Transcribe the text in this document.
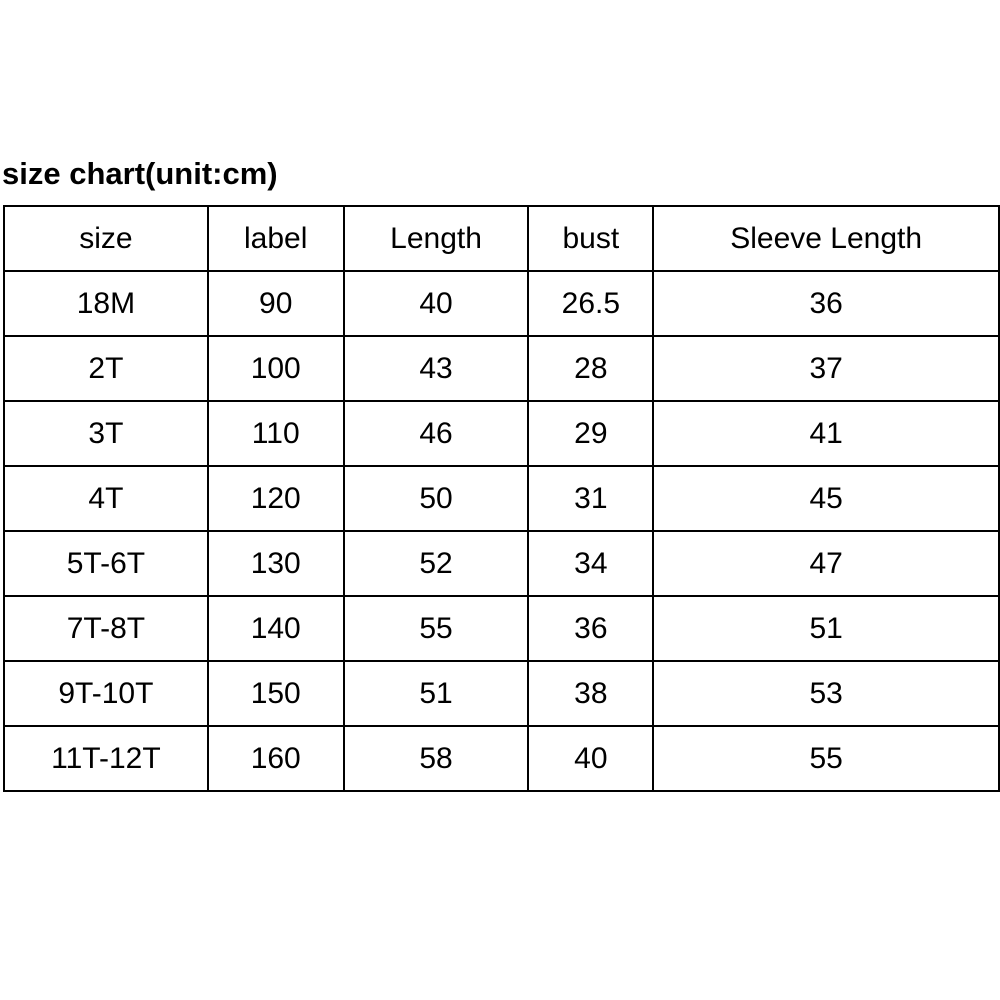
size chart(unit:cm)
size	label	Length	bust	Sleeve Length
18M	90	40	26.5	36
2T	100	43	28	37
3T	110	46	29	41
4T	120	50	31	45
5T-6T	130	52	34	47
7T-8T	140	55	36	51
9T-10T	150	51	38	53
11T-12T	160	58	40	55
